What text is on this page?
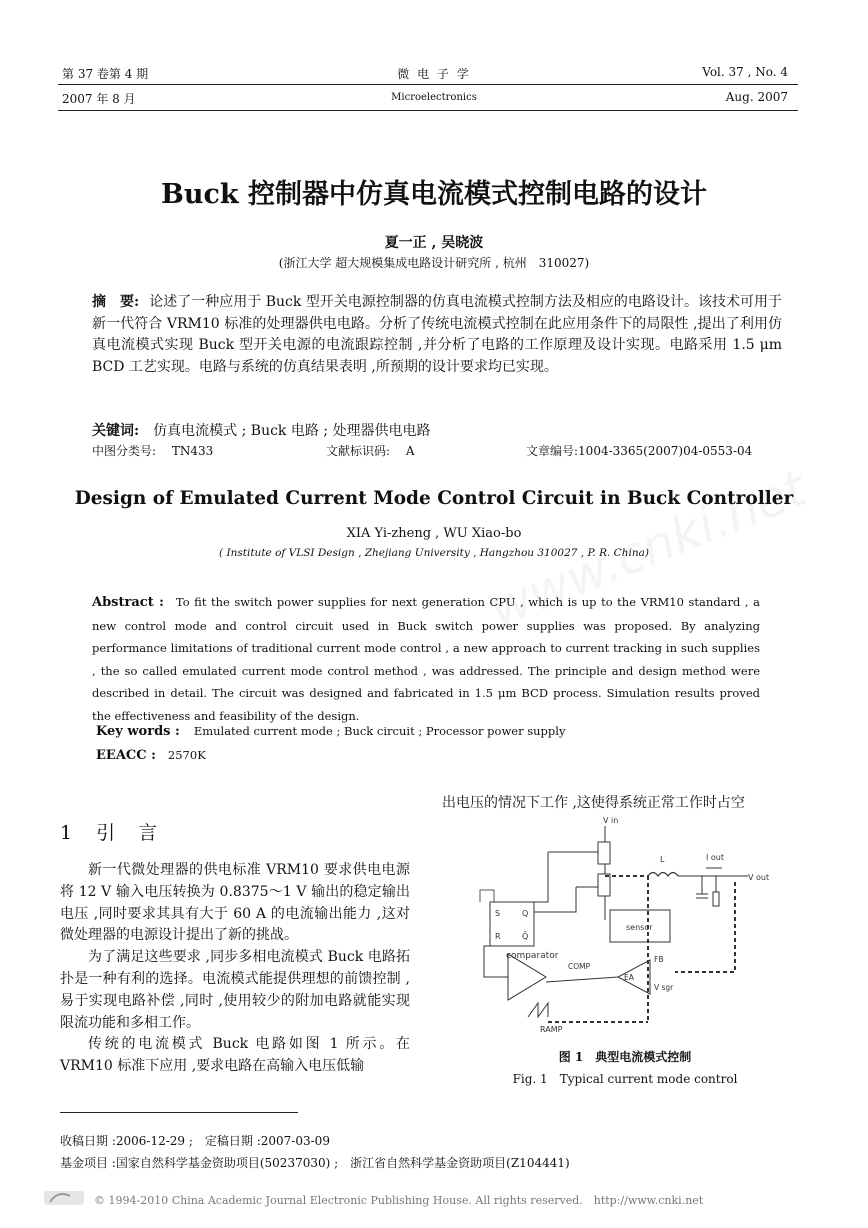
第 37 卷第 4 期	微 电 子 学	Vol. 37 , No. 4
2007 年 8 月	Microelectronics	Aug. 2007
Buck 控制器中仿真电流模式控制电路的设计
夏一正 , 吴晓波
(浙江大学 超大规模集成电路设计研究所 , 杭州　310027)
摘　要: 论述了一种应用于 Buck 型开关电源控制器的仿真电流模式控制方法及相应的电路设计。该技术可用于新一代符合 VRM10 标准的处理器供电电路。分析了传统电流模式控制在此应用条件下的局限性 ,提出了利用仿真电流模式实现 Buck 型开关电源的电流跟踪控制 ,并分析了电路的工作原理及设计实现。电路采用 1.5 μm BCD 工艺实现。电路与系统的仿真结果表明 ,所预期的设计要求均已实现。
关键词: 仿真电流模式 ; Buck 电路 ; 处理器供电电路
中图分类号: 　TN433	文献标识码: 　A	文章编号:1004-3365(2007)04-0553-04
Design of Emulated Current Mode Control Circuit in Buck Controller
XIA Yi-zheng , WU Xiao-bo
( Institute of VLSI Design , Zhejiang University , Hangzhou 310027 , P. R. China)
Abstract : To fit the switch power supplies for next generation CPU , which is up to the VRM10 standard , a new control mode and control circuit used in Buck switch power supplies was proposed. By analyzing performance limitations of traditional current mode control , a new approach to current tracking in such supplies , the so called emulated current mode control method , was addressed. The principle and design method were described in detail. The circuit was designed and fabricated in 1.5 μm BCD process. Simulation results proved the effectiveness and feasibility of the design.
Key words : Emulated current mode ; Buck circuit ; Processor power supply
EEACC : 2570K
1 引　言

新一代微处理器的供电标准 VRM10 要求供电电源将 12 V 输入电压转换为 0.8375～1 V 输出的稳定输出电压 ,同时要求其具有大于 60 A 的电流输出能力 ,这对微处理器的电源设计提出了新的挑战。

为了满足这些要求 ,同步多相电流模式 Buck 电路拓扑是一种有利的选择。电流模式能提供理想的前馈控制 ,易于实现电路补偿 ,同时 ,使用较少的附加电路就能实现限流功能和多相工作。

传统的电流模式 Buck 电路如图 1 所示。在 VRM10 标准下应用 ,要求电路在高输入电压低输

出电压的情况下工作 ,这使得系统正常工作时占空
V in
S
R
Q
Q̄
L	I out
V out
sensor
comparator
COMP
FB
EA
V sgr
RAMP
图 1　典型电流模式控制
Fig. 1　Typical current mode control
收稿日期 :2006-12-29 ;　定稿日期 :2007-03-09
基金项目 :国家自然科学基金资助项目(50237030) ;　浙江省自然科学基金资助项目(Z104441)
© 1994-2010 China Academic Journal Electronic Publishing House. All rights reserved.　http://www.cnki.net
